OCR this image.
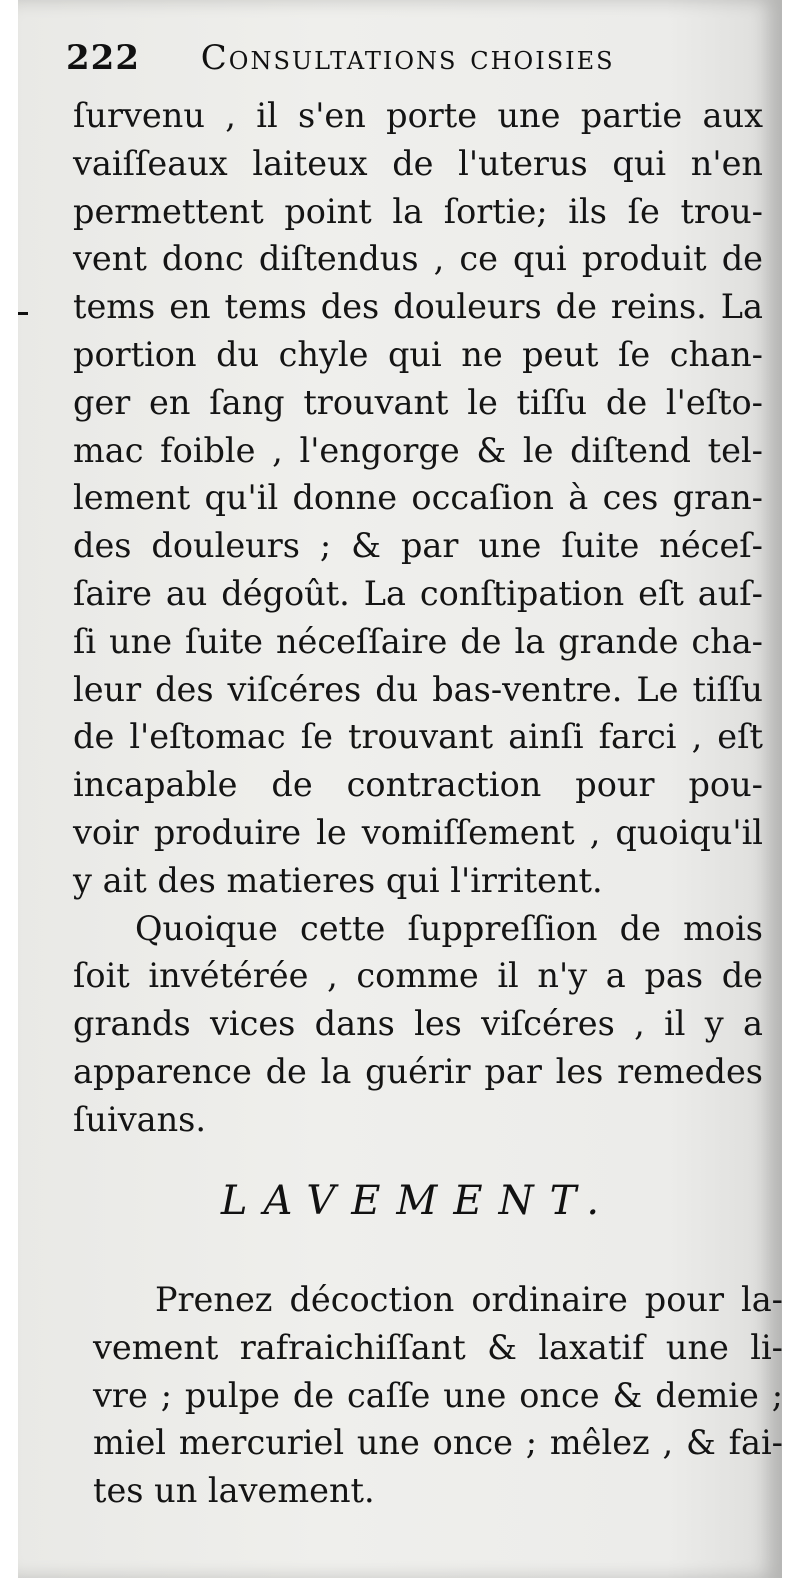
222 Consultations choisies
ſurvenu , il s'en porte une partie aux
vaiſſeaux laiteux de l'uterus qui n'en
permettent point la ſortie; ils ſe trou-
vent donc diſtendus , ce qui produit de
tems en tems des douleurs de reins. La
portion du chyle qui ne peut ſe chan-
ger en ſang trouvant le tiſſu de l'eſto-
mac foible , l'engorge & le diſtend tel-
lement qu'il donne occaſion à ces gran-
des douleurs ; & par une ſuite néceſ-
ſaire au dégoût. La conſtipation eſt auſ-
ſi une ſuite néceſſaire de la grande cha-
leur des viſcéres du bas-ventre. Le tiſſu
de l'eſtomac ſe trouvant ainſi farci , eſt
incapable de contraction pour pou-
voir produire le vomiſſement , quoiqu'il
y ait des matieres qui l'irritent.
Quoique cette ſuppreſſion de mois
ſoit invétérée , comme il n'y a pas de
grands vices dans les viſcéres , il y a
apparence de la guérir par les remedes
ſuivans.
LAVEMENT.
Prenez décoction ordinaire pour la-
vement rafraichiſſant & laxatif une li-
vre ; pulpe de caſſe une once & demie ;
miel mercuriel une once ; mêlez , & fai-
tes un lavement.
